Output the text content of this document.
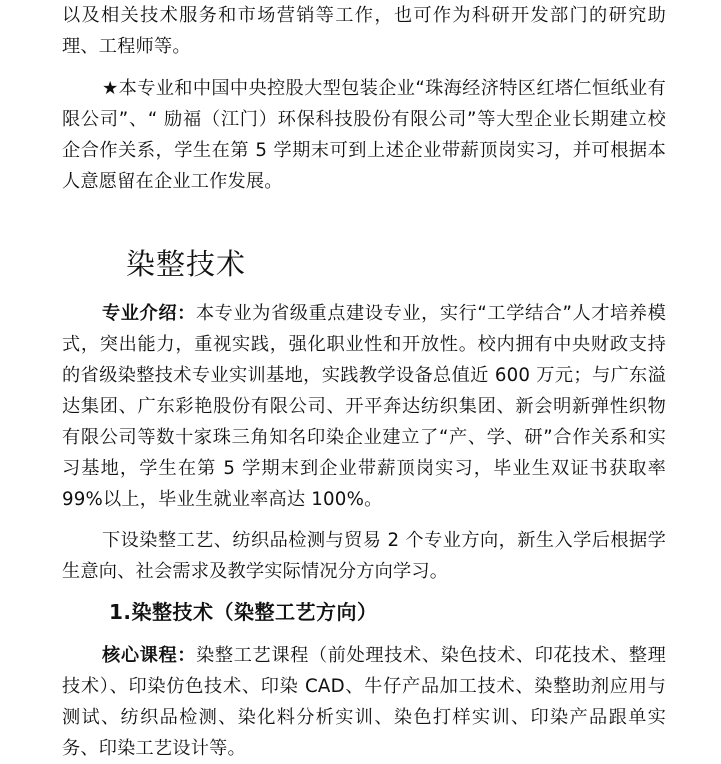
以及相关技术服务和市场营销等工作，也可作为科研开发部门的研究助理、工程师等。

★本专业和中国中央控股大型包装企业“珠海经济特区红塔仁恒纸业有限公司”、“ 励福（江门）环保科技股份有限公司”等大型企业长期建立校企合作关系，学生在第 5 学期末可到上述企业带薪顶岗实习，并可根据本人意愿留在企业工作发展。

染整技术

专业介绍：本专业为省级重点建设专业，实行“工学结合”人才培养模式，突出能力，重视实践，强化职业性和开放性。校内拥有中央财政支持的省级染整技术专业实训基地，实践教学设备总值近 600 万元；与广东溢达集团、广东彩艳股份有限公司、开平奔达纺织集团、新会明新弹性织物有限公司等数十家珠三角知名印染企业建立了“产、学、研”合作关系和实习基地，学生在第 5 学期末到企业带薪顶岗实习，毕业生双证书获取率 99%以上，毕业生就业率高达 100%。

下设染整工艺、纺织品检测与贸易 2 个专业方向，新生入学后根据学生意向、社会需求及教学实际情况分方向学习。

1.染整技术（染整工艺方向）

核心课程：染整工艺课程（前处理技术、染色技术、印花技术、整理技术）、印染仿色技术、印染 CAD、牛仔产品加工技术、染整助剂应用与测试、纺织品检测、染化料分析实训、染色打样实训、印染产品跟单实务、印染工艺设计等。
